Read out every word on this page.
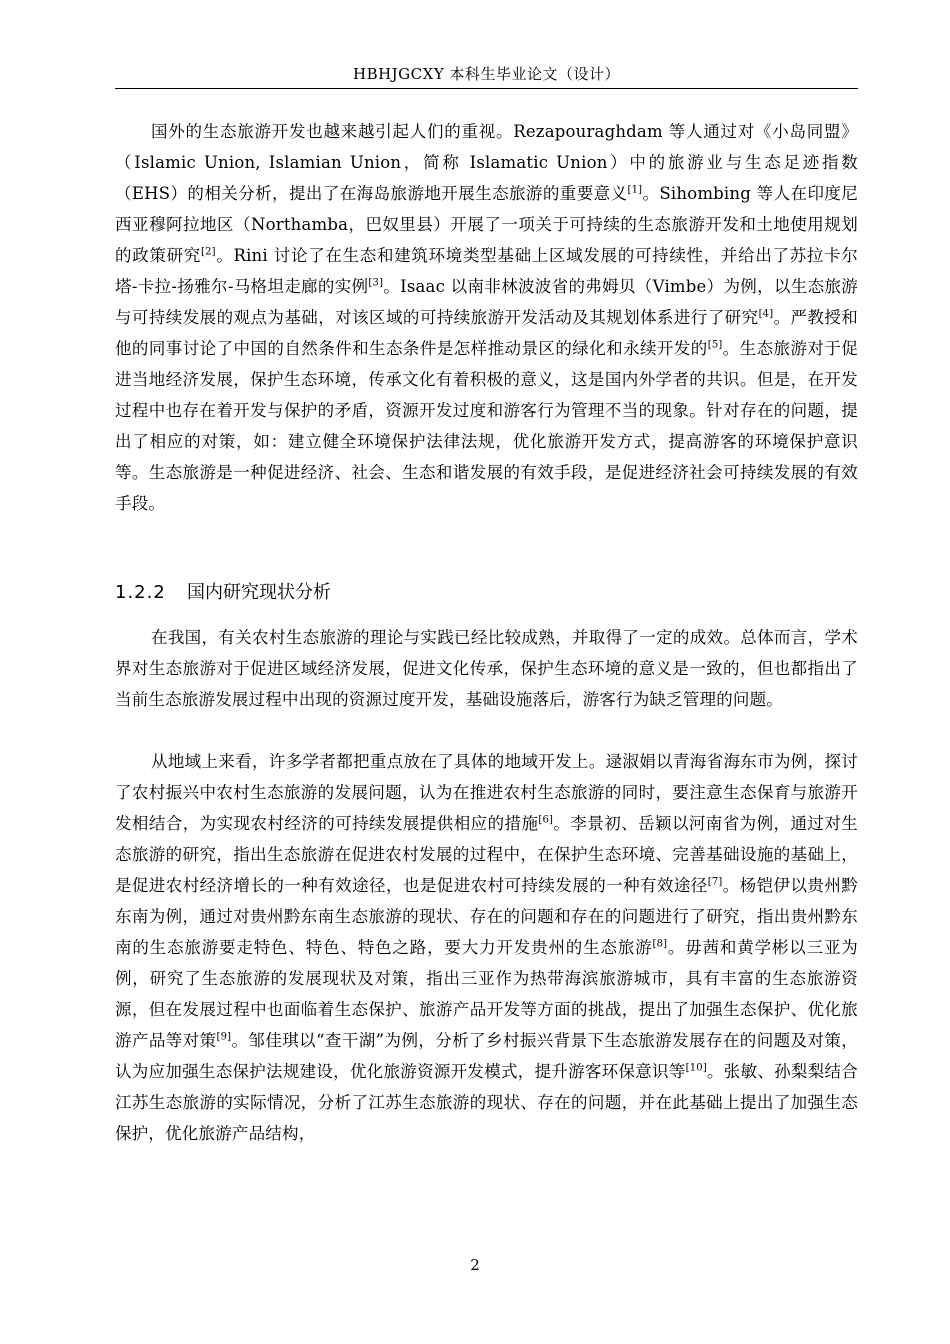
HBHJGCXY 本科生毕业论文（设计）

国外的生态旅游开发也越来越引起人们的重视。Rezapouraghdam 等人通过对《小岛同盟》（Islamic Union, Islamian Union，简称 Islamatic Union）中的旅游业与生态足迹指数（EHS）的相关分析，提出了在海岛旅游地开展生态旅游的重要意义[1]。Sihombing 等人在印度尼西亚穆阿拉地区（Northamba，巴奴里县）开展了一项关于可持续的生态旅游开发和土地使用规划的政策研究[2]。Rini 讨论了在生态和建筑环境类型基础上区域发展的可持续性，并给出了苏拉卡尔塔-卡拉-扬雅尔-马格坦走廊的实例[3]。Isaac 以南非林波波省的弗姆贝（Vimbe）为例，以生态旅游与可持续发展的观点为基础，对该区域的可持续旅游开发活动及其规划体系进行了研究[4]。严教授和他的同事讨论了中国的自然条件和生态条件是怎样推动景区的绿化和永续开发的[5]。生态旅游对于促进当地经济发展，保护生态环境，传承文化有着积极的意义，这是国内外学者的共识。但是，在开发过程中也存在着开发与保护的矛盾，资源开发过度和游客行为管理不当的现象。针对存在的问题，提出了相应的对策，如：建立健全环境保护法律法规，优化旅游开发方式，提高游客的环境保护意识等。生态旅游是一种促进经济、社会、生态和谐发展的有效手段，是促进经济社会可持续发展的有效手段。

1.2.2 国内研究现状分析

在我国，有关农村生态旅游的理论与实践已经比较成熟，并取得了一定的成效。总体而言，学术界对生态旅游对于促进区域经济发展，促进文化传承，保护生态环境的意义是一致的，但也都指出了当前生态旅游发展过程中出现的资源过度开发，基础设施落后，游客行为缺乏管理的问题。

从地域上来看，许多学者都把重点放在了具体的地域开发上。逯淑娟以青海省海东市为例，探讨了农村振兴中农村生态旅游的发展问题，认为在推进农村生态旅游的同时，要注意生态保育与旅游开发相结合，为实现农村经济的可持续发展提供相应的措施[6]。李景初、岳颖以河南省为例，通过对生态旅游的研究，指出生态旅游在促进农村发展的过程中，在保护生态环境、完善基础设施的基础上，是促进农村经济增长的一种有效途径，也是促进农村可持续发展的一种有效途径[7]。杨铠伊以贵州黔东南为例，通过对贵州黔东南生态旅游的现状、存在的问题和存在的问题进行了研究，指出贵州黔东南的生态旅游要走特色、特色、特色之路，要大力开发贵州的生态旅游[8]。毋茜和黄学彬以三亚为例，研究了生态旅游的发展现状及对策，指出三亚作为热带海滨旅游城市，具有丰富的生态旅游资源，但在发展过程中也面临着生态保护、旅游产品开发等方面的挑战，提出了加强生态保护、优化旅游产品等对策[9]。邹佳琪以“查干湖”为例，分析了乡村振兴背景下生态旅游发展存在的问题及对策，认为应加强生态保护法规建设，优化旅游资源开发模式，提升游客环保意识等[10]。张敏、孙梨梨结合江苏生态旅游的实际情况，分析了江苏生态旅游的现状、存在的问题，并在此基础上提出了加强生态保护，优化旅游产品结构，

2
